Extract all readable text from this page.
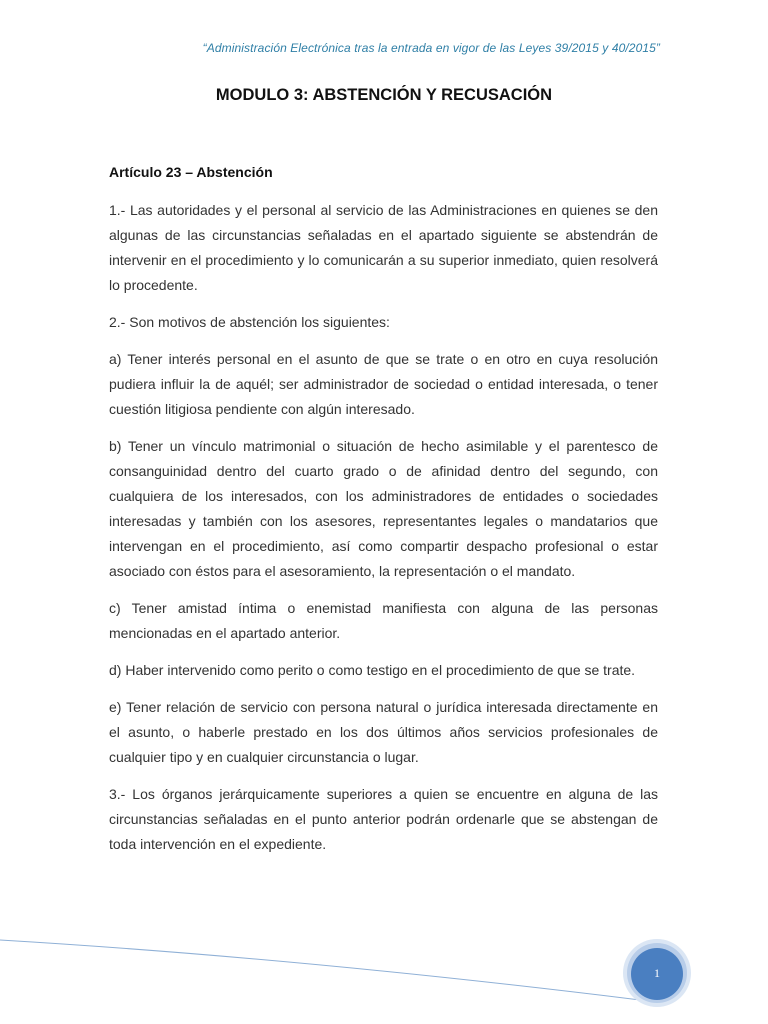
“Administración Electrónica tras la entrada en vigor de las Leyes 39/2015 y 40/2015”
MODULO 3: ABSTENCIÓN Y RECUSACIÓN
Artículo 23 – Abstención

1.- Las autoridades y el personal al servicio de las Administraciones en quienes se den algunas de las circunstancias señaladas en el apartado siguiente se abstendrán de intervenir en el procedimiento y lo comunicarán a su superior inmediato, quien resolverá lo procedente.

2.- Son motivos de abstención los siguientes:

a) Tener interés personal en el asunto de que se trate o en otro en cuya resolución pudiera influir la de aquél; ser administrador de sociedad o entidad interesada, o tener cuestión litigiosa pendiente con algún interesado.

b) Tener un vínculo matrimonial o situación de hecho asimilable y el parentesco de consanguinidad dentro del cuarto grado o de afinidad dentro del segundo, con cualquiera de los interesados, con los administradores de entidades o sociedades interesadas y también con los asesores, representantes legales o mandatarios que intervengan en el procedimiento, así como compartir despacho profesional o estar asociado con éstos para el asesoramiento, la representación o el mandato.

c) Tener amistad íntima o enemistad manifiesta con alguna de las personas mencionadas en el apartado anterior.

d) Haber intervenido como perito o como testigo en el procedimiento de que se trate.

e) Tener relación de servicio con persona natural o jurídica interesada directamente en el asunto, o haberle prestado en los dos últimos años servicios profesionales de cualquier tipo y en cualquier circunstancia o lugar.

3.- Los órganos jerárquicamente superiores a quien se encuentre en alguna de las circunstancias señaladas en el punto anterior podrán ordenarle que se abstengan de toda intervención en el expediente.

1
